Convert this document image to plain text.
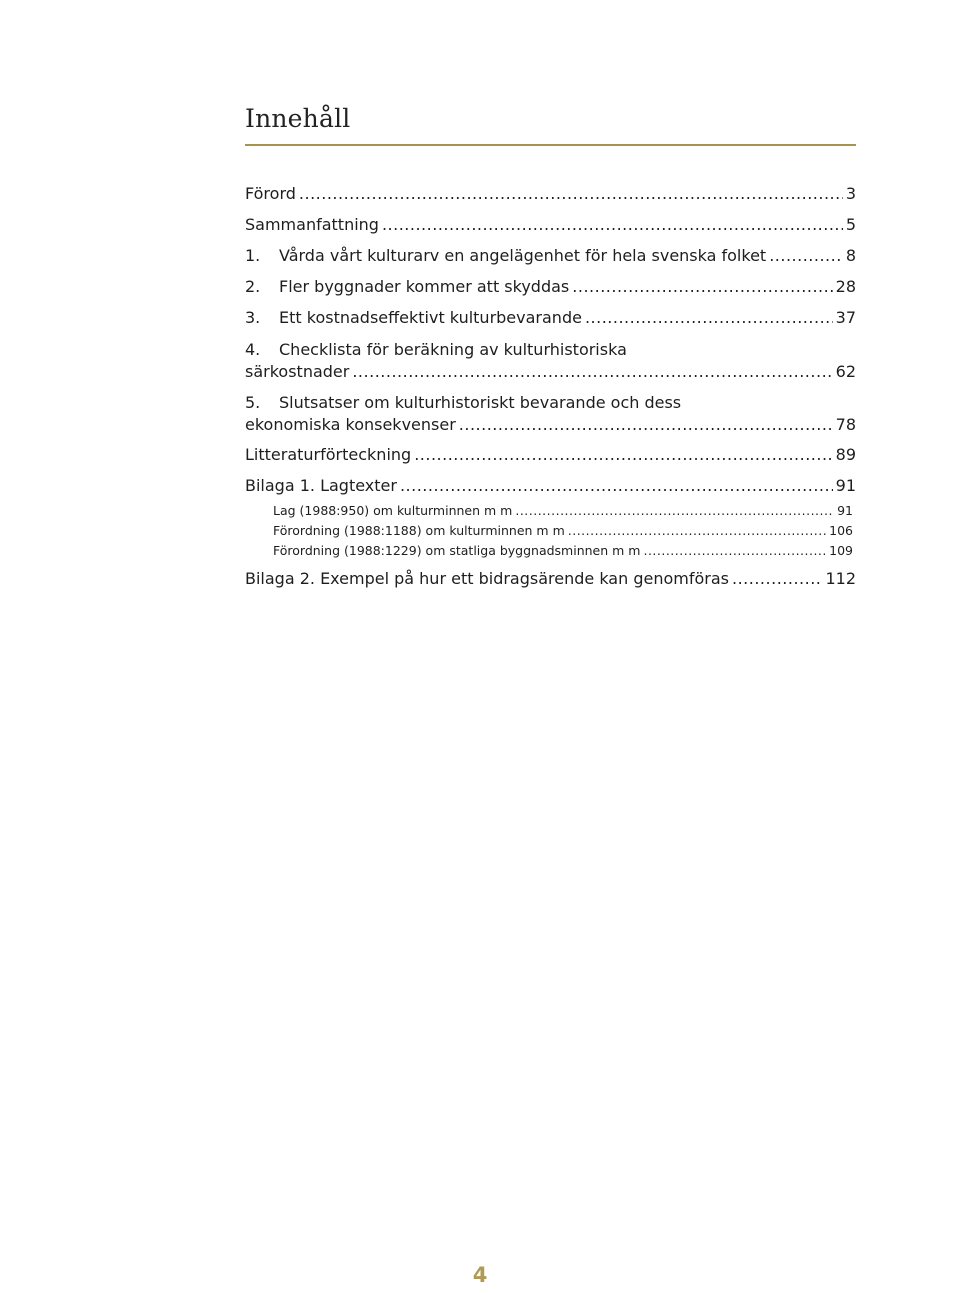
Innehåll
Förord .....	3
Sammanfattning .....	5
1.	Vårda vårt kulturarv en angelägenhet för hela svenska folket .....	8
2.	Fler byggnader kommer att skyddas .....	28
3.	Ett kostnadseffektivt kulturbevarande .....	37
4. Checklista för beräkning av kulturhistoriska
särkostnader .....	62
5. Slutsatser om kulturhistoriskt bevarande och dess
ekonomiska konsekvenser .....	78
Litteraturförteckning .....	89
Bilaga 1. Lagtexter .....	91
Lag (1988:950) om kulturminnen m m .....	91
Förordning (1988:1188) om kulturminnen m m .....	106
Förordning (1988:1229) om statliga byggnadsminnen m m .....	109
Bilaga 2. Exempel på hur ett bidragsärende kan genomföras .....	112
4
